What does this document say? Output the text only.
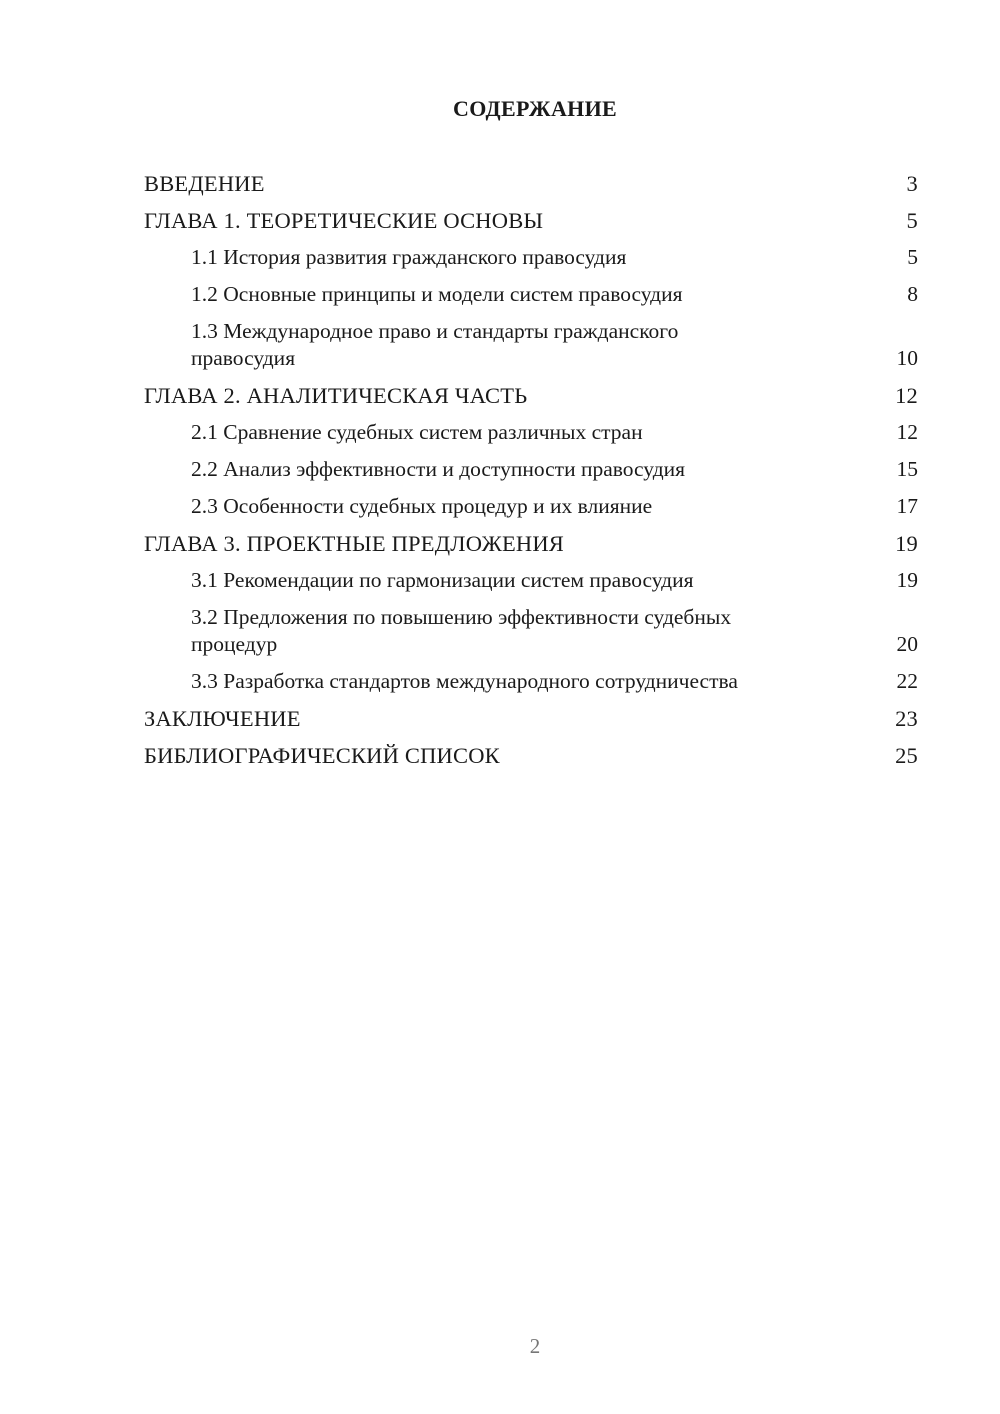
СОДЕРЖАНИЕ
ВВЕДЕНИЕ	3
ГЛАВА 1. ТЕОРЕТИЧЕСКИЕ ОСНОВЫ	5
1.1 История развития гражданского правосудия	5
1.2 Основные принципы и модели систем правосудия	8
1.3 Международное право и стандарты гражданского правосудия	10
ГЛАВА 2. АНАЛИТИЧЕСКАЯ ЧАСТЬ	12
2.1 Сравнение судебных систем различных стран	12
2.2 Анализ эффективности и доступности правосудия	15
2.3 Особенности судебных процедур и их влияние	17
ГЛАВА 3. ПРОЕКТНЫЕ ПРЕДЛОЖЕНИЯ	19
3.1 Рекомендации по гармонизации систем правосудия	19
3.2 Предложения по повышению эффективности судебных процедур	20
3.3 Разработка стандартов международного сотрудничества	22
ЗАКЛЮЧЕНИЕ	23
БИБЛИОГРАФИЧЕСКИЙ СПИСОК	25
2
